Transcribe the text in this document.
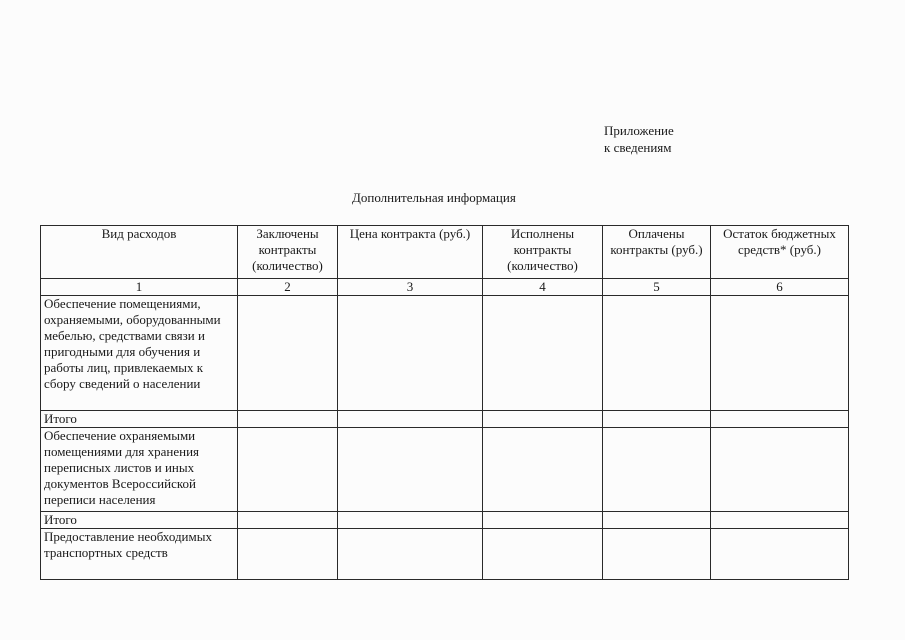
Приложение
к сведениям
Дополнительная информация
Вид расходов	Заключены контракты (количество)	Цена контракта (руб.)	Исполнены контракты (количество)	Оплачены контракты (руб.)	Остаток бюджетных средств* (руб.)
1	2	3	4	5	6
Обеспечение помещениями, охраняемыми, оборудованными мебелью, средствами связи и пригодными для обучения и работы лиц, привлекаемых к сбору сведений о населении					
Итого					
Обеспечение охраняемыми помещениями для хранения переписных листов и иных документов Всероссийской переписи населения					
Итого					
Предоставление необходимых транспортных средств					
